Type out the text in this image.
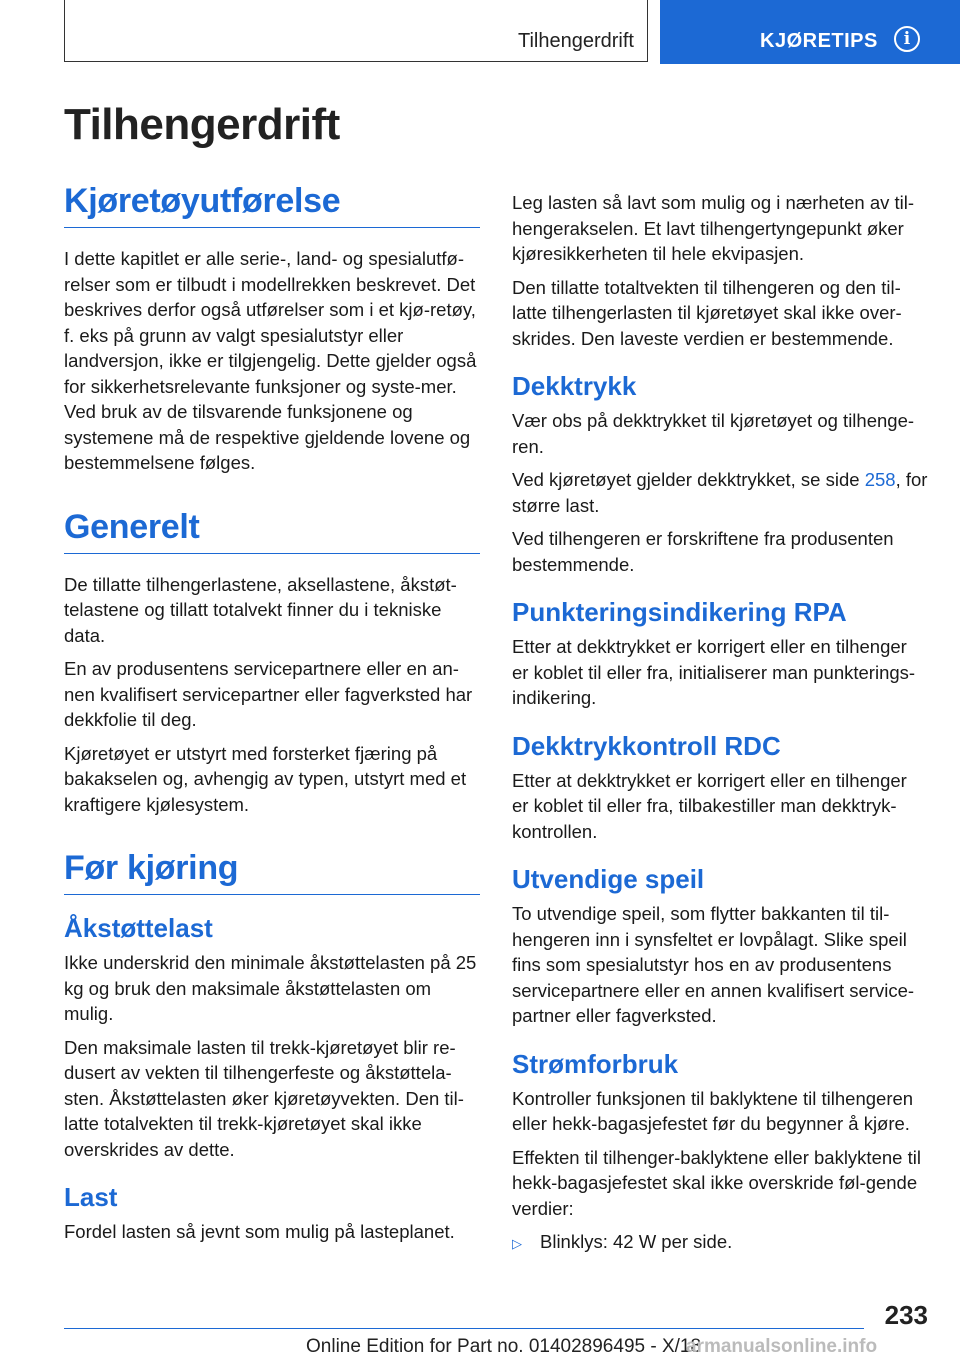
Tilhengerdrift	KJØRETIPS	i
Tilhengerdrift
Kjøretøyutførelse

I dette kapitlet er alle serie-, land- og spesialutfø-relser som er tilbudt i modellrekken beskrevet. Det beskrives derfor også utførelser som i et kjø-retøy, f. eks på grunn av valgt spesialutstyr eller landversjon, ikke er tilgjengelig. Dette gjelder også for sikkerhetsrelevante funksjoner og syste-mer. Ved bruk av de tilsvarende funksjonene og systemene må de respektive gjeldende lovene og bestemmelsene følges.

Generelt

De tillatte tilhengerlastene, aksellastene, åkstøt-telastene og tillatt totalvekt finner du i tekniske data.

En av produsentens servicepartnere eller en an-nen kvalifisert servicepartner eller fagverksted har dekkfolie til deg.

Kjøretøyet er utstyrt med forsterket fjæring på bakakselen og, avhengig av typen, utstyrt med et kraftigere kjølesystem.

Før kjøring
Åkstøttelast

Ikke underskrid den minimale åkstøttelasten på 25 kg og bruk den maksimale åkstøttelasten om mulig.

Den maksimale lasten til trekk-kjøretøyet blir re-dusert av vekten til tilhengerfeste og åkstøttela-sten. Åkstøttelasten øker kjøretøyvekten. Den til-latte totalvekten til trekk-kjøretøyet skal ikke overskrides av dette.

Last

Fordel lasten så jevnt som mulig på lasteplanet.

Leg lasten så lavt som mulig og i nærheten av til-hengerakselen. Et lavt tilhengertyngepunkt øker kjøresikkerheten til hele ekvipasjen.

Den tillatte totaltvekten til tilhengeren og den til-latte tilhengerlasten til kjøretøyet skal ikke over-skrides. Den laveste verdien er bestemmende.

Dekktrykk

Vær obs på dekktrykket til kjøretøyet og tilhenge-ren.

Ved kjøretøyet gjelder dekktrykket, se side 258, for større last.

Ved tilhengeren er forskriftene fra produsenten bestemmende.

Punkteringsindikering RPA

Etter at dekktrykket er korrigert eller en tilhenger er koblet til eller fra, initialiserer man punkterings-indikering.

Dekktrykkontroll RDC

Etter at dekktrykket er korrigert eller en tilhenger er koblet til eller fra, tilbakestiller man dekktryk-kontrollen.

Utvendige speil

To utvendige speil, som flytter bakkanten til til-hengeren inn i synsfeltet er lovpålagt. Slike speil fins som spesialutstyr hos en av produsentens servicepartnere eller en annen kvalifisert service-partner eller fagverksted.

Strømforbruk

Kontroller funksjonen til baklyktene til tilhengeren eller hekk-bagasjefestet før du begynner å kjøre.

Effekten til tilhenger-baklyktene eller baklyktene til hekk-bagasjefestet skal ikke overskride føl-gende verdier:

▷ Blinklys: 42 W per side.
233
Online Edition for Part no. 01402896495 - X/18
armanualsonline.info
